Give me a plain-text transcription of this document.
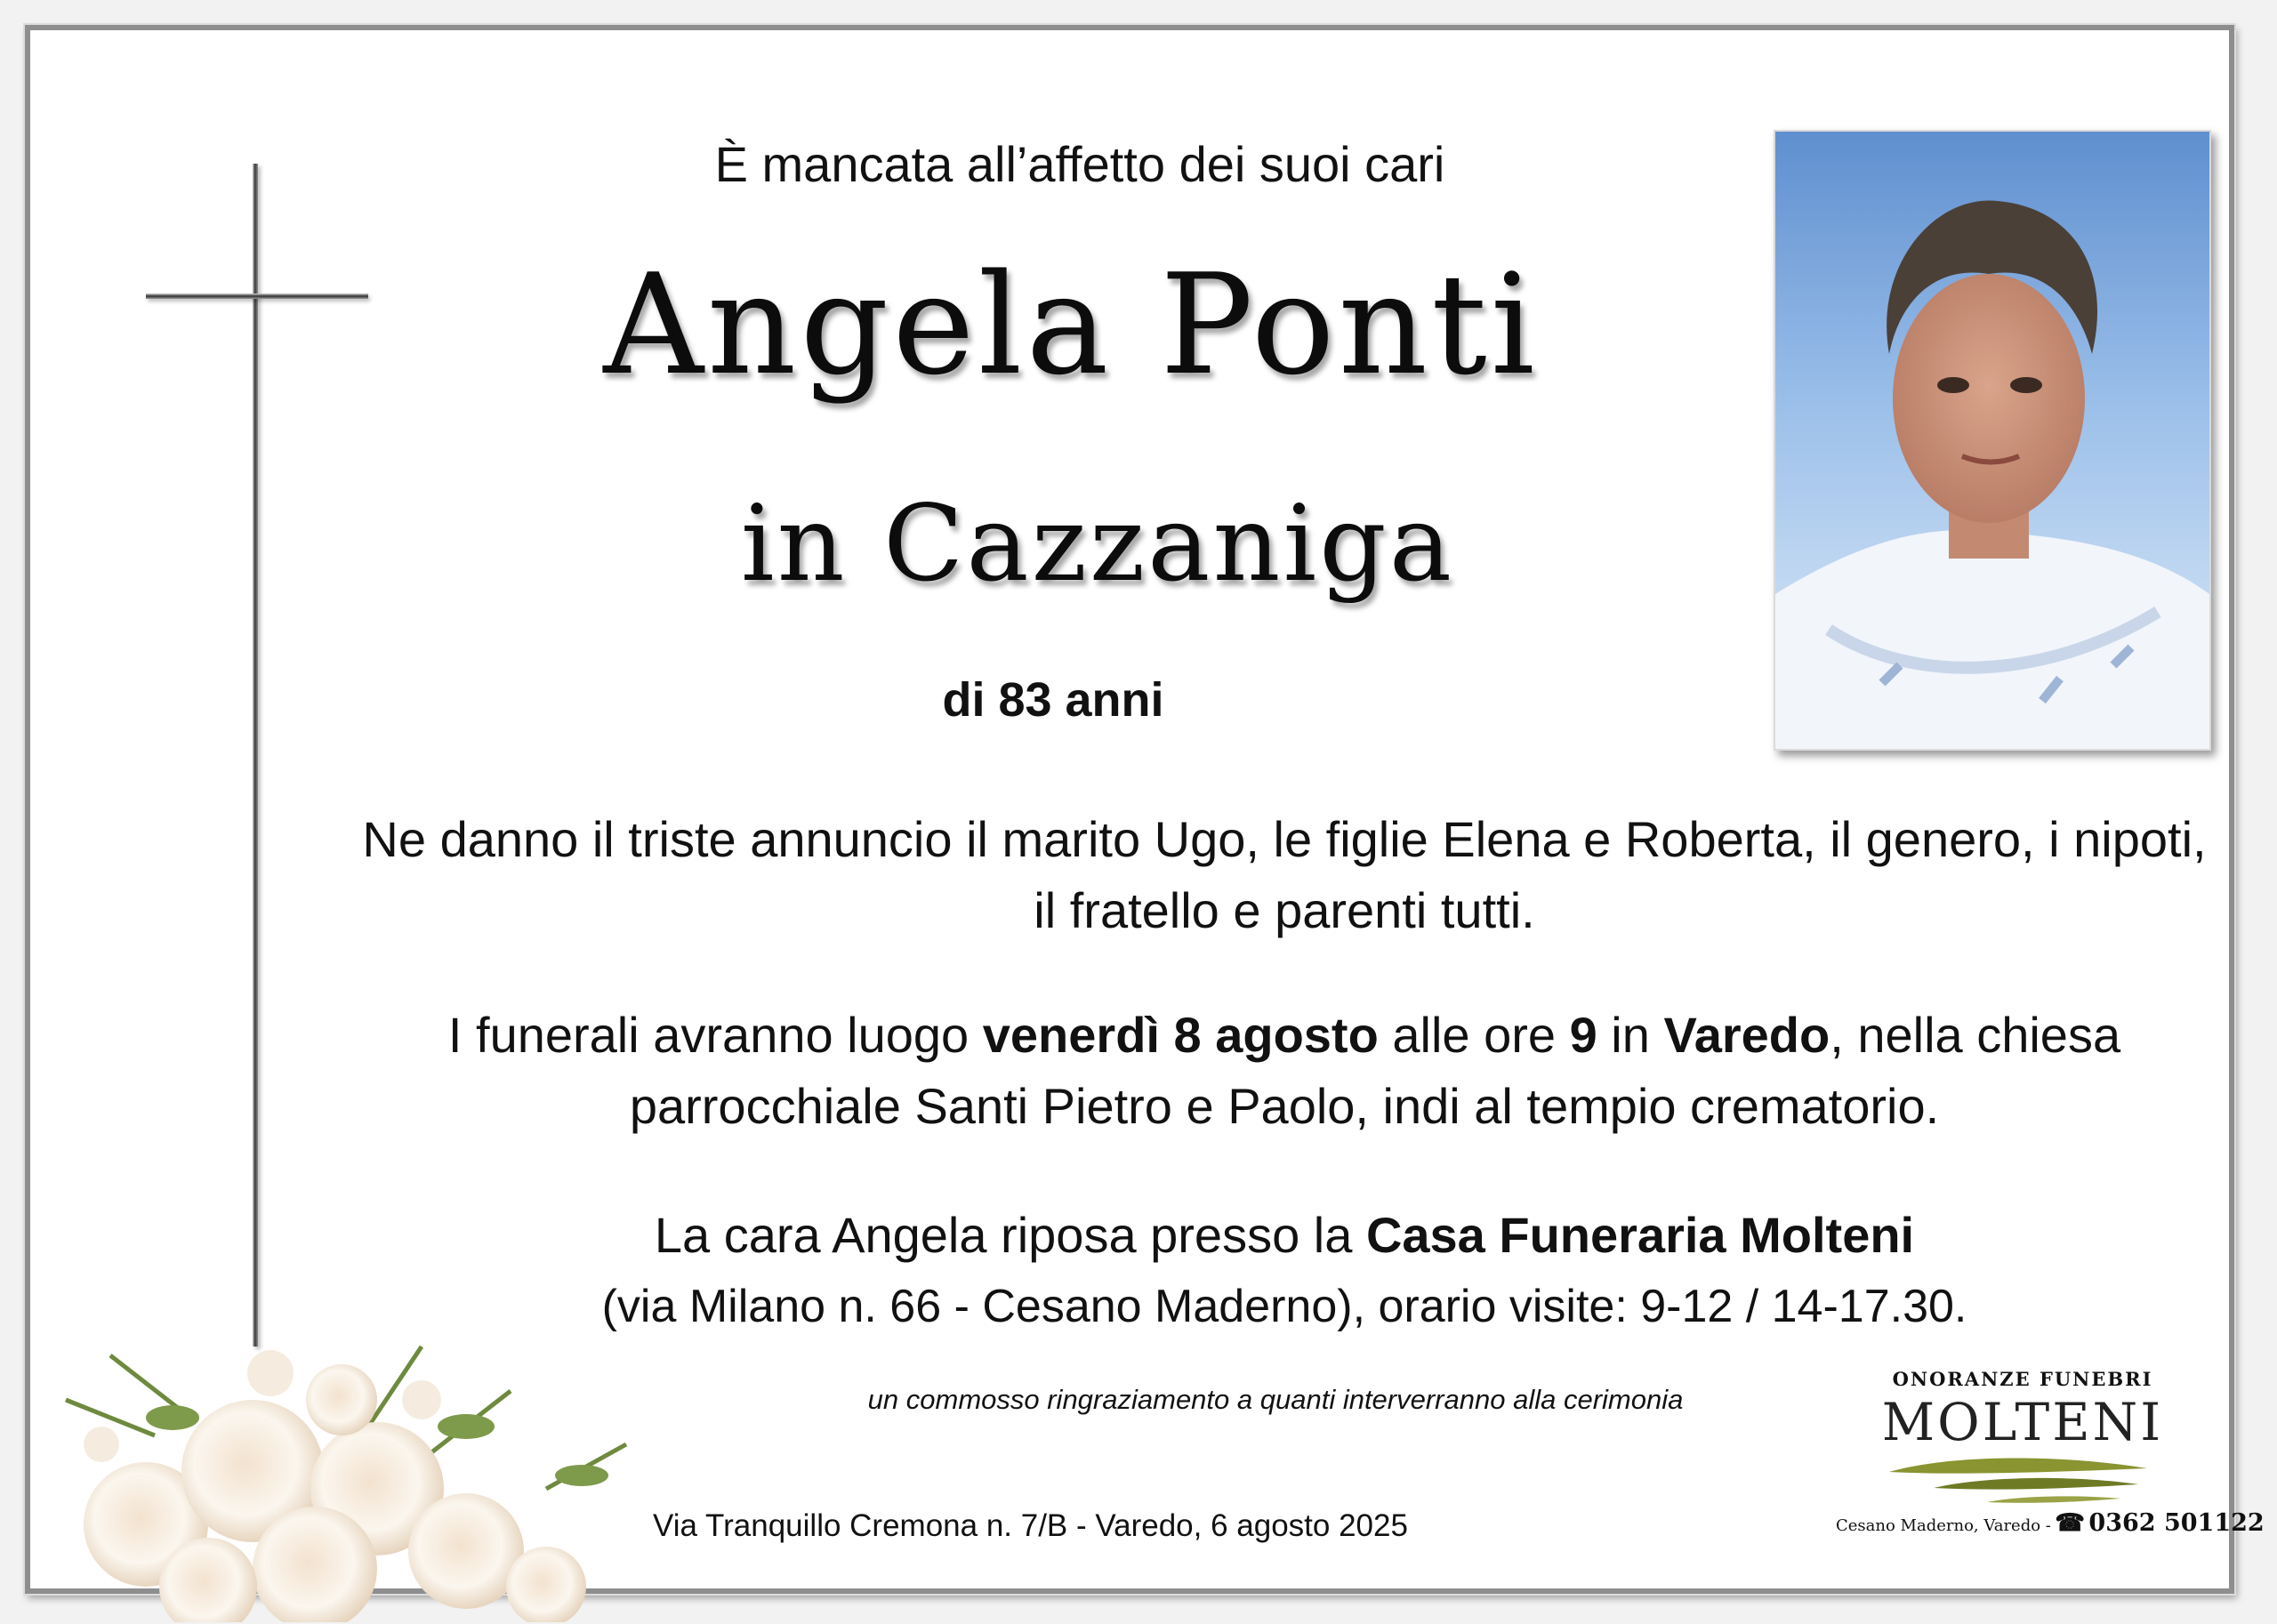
È mancata all’affetto dei suoi cari
Angela Ponti
in Cazzaniga
di 83 anni
Ne danno il triste annuncio il marito Ugo, le figlie Elena e Roberta, il genero, i nipoti,
il fratello e parenti tutti.
I funerali avranno luogo venerdì 8 agosto alle ore 9 in Varedo, nella chiesa
parrocchiale Santi Pietro e Paolo, indi al tempio crematorio.
La cara Angela riposa presso la Casa Funeraria Molteni
(via Milano n. 66 - Cesano Maderno), orario visite: 9-12 / 14-17.30.
un commosso ringraziamento a quanti interverranno alla cerimonia
Via Tranquillo Cremona n. 7/B - Varedo, 6 agosto 2025
ONORANZE FUNEBRI
MOLTENI
Cesano Maderno, Varedo - ☎ 0362 501122
